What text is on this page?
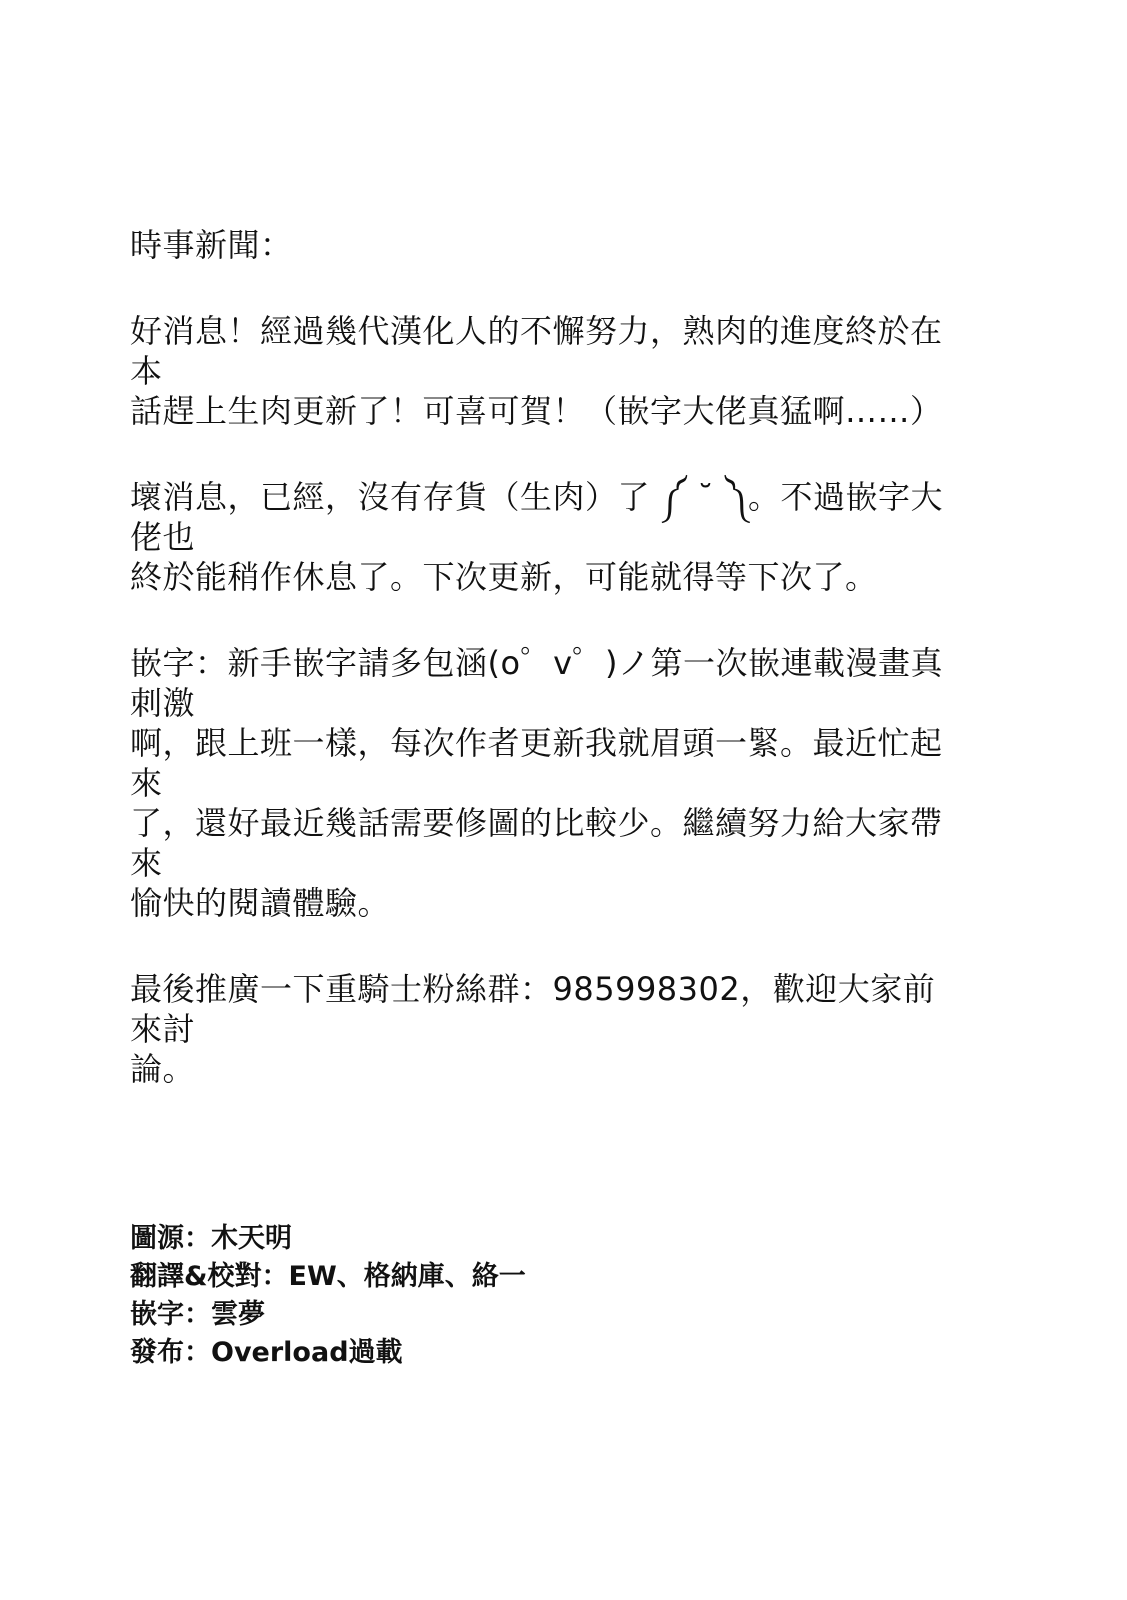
時事新聞：

好消息！經過幾代漢化人的不懈努力，熟肉的進度終於在本
話趕上生肉更新了！可喜可賀！（嵌字大佬真猛啊……）

壞消息，已經，沒有存貨（生肉）了 ༼ ˘ ༽。不過嵌字大佬也
終於能稍作休息了。下次更新，可能就得等下次了。

嵌字：新手嵌字請多包涵(o゜v゜)ノ第一次嵌連載漫畫真刺激
啊，跟上班一樣，每次作者更新我就眉頭一緊。最近忙起來
了，還好最近幾話需要修圖的比較少。繼續努力給大家帶來
愉快的閱讀體驗。

最後推廣一下重騎士粉絲群：985998302，歡迎大家前來討
論。

圖源：木天明
翻譯&校對：EW、格納庫、絡一
嵌字：雲夢
發布：Overload過載
